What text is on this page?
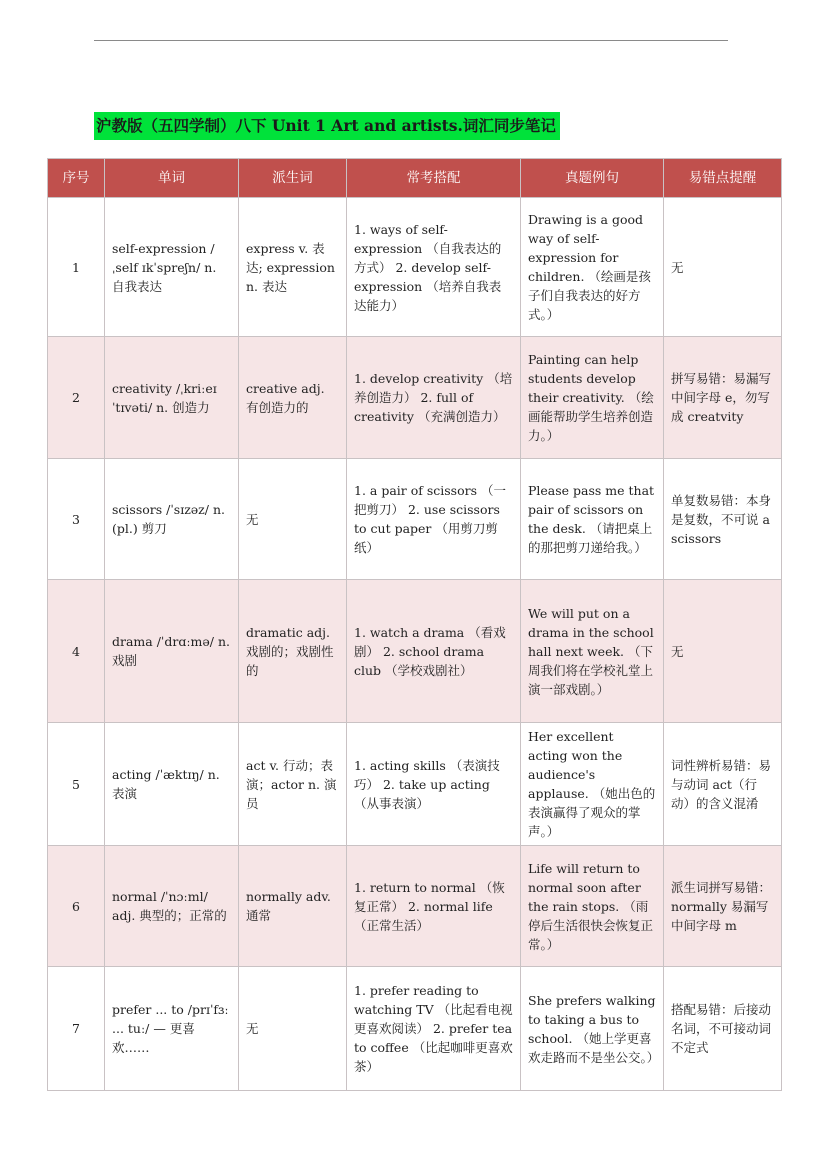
沪教版（五四学制）八下 Unit 1 Art and artists.词汇同步笔记
序号	单词	派生词	常考搭配	真题例句	易错点提醒
1	self-expression /ˌself ɪkˈspreʃn/ n. 自我表达	express v. 表达; expression n. 表达	1. ways of self-expression （自我表达的方式） 2. develop self-expression （培养自我表达能力）	Drawing is a good way of self-expression for children. （绘画是孩子们自我表达的好方式。）	无
2	creativity /ˌkriːeɪˈtɪvəti/ n. 创造力	creative adj. 有创造力的	1. develop creativity （培养创造力） 2. full of creativity （充满创造力）	Painting can help students develop their creativity. （绘画能帮助学生培养创造力。）	拼写易错：易漏写中间字母 e，勿写成 creatvity
3	scissors /ˈsɪzəz/ n. (pl.) 剪刀	无	1. a pair of scissors （一把剪刀） 2. use scissors to cut paper （用剪刀剪纸）	Please pass me that pair of scissors on the desk. （请把桌上的那把剪刀递给我。）	单复数易错：本身是复数，不可说 a scissors
4	drama /ˈdrɑːmə/ n. 戏剧	dramatic adj. 戏剧的；戏剧性的	1. watch a drama （看戏剧） 2. school drama club （学校戏剧社）	We will put on a drama in the school hall next week. （下周我们将在学校礼堂上演一部戏剧。）	无
5	acting /ˈæktɪŋ/ n. 表演	act v. 行动；表演；actor n. 演员	1. acting skills （表演技巧） 2. take up acting （从事表演）	Her excellent acting won the audience's applause. （她出色的表演赢得了观众的掌声。）	词性辨析易错：易与动词 act（行动）的含义混淆
6	normal /ˈnɔːml/ adj. 典型的；正常的	normally adv. 通常	1. return to normal （恢复正常） 2. normal life （正常生活）	Life will return to normal soon after the rain stops. （雨停后生活很快会恢复正常。）	派生词拼写易错：normally 易漏写中间字母 m
7	prefer ... to /prɪˈfɜː ... tuː/ — 更喜欢……	无	1. prefer reading to watching TV （比起看电视更喜欢阅读） 2. prefer tea to coffee （比起咖啡更喜欢茶）	She prefers walking to taking a bus to school. （她上学更喜欢走路而不是坐公交。）	搭配易错：后接动名词，不可接动词不定式
